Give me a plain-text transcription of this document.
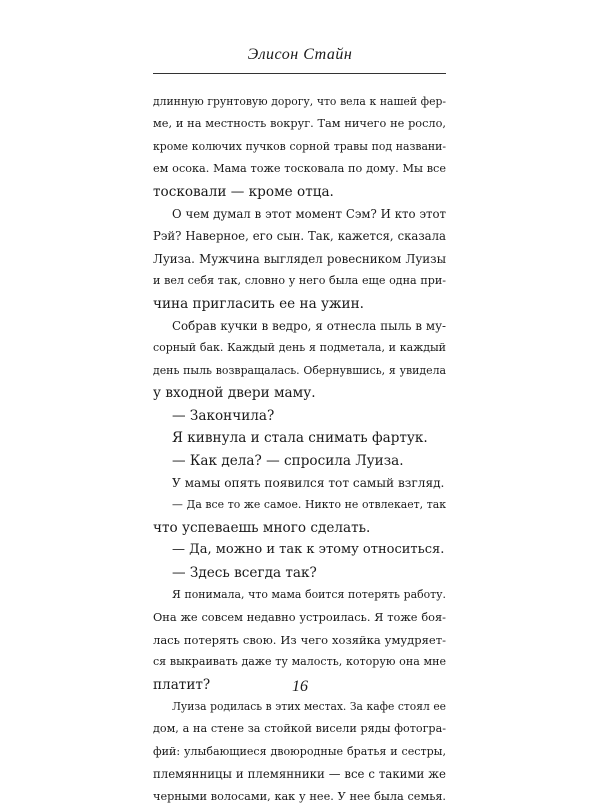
Элисон Стайн
длинную грунтовую дорогу, что вела к нашей фер-
ме, и на местность вокруг. Там ничего не росло,
кроме колючих пучков сорной травы под названи-
ем осока. Мама тоже тосковала по дому. Мы все
тосковали — кроме отца.
О чем думал в этот момент Сэм? И кто этот
Рэй? Наверное, его сын. Так, кажется, сказала
Луиза. Мужчина выглядел ровесником Луизы
и вел себя так, словно у него была еще одна при-
чина пригласить ее на ужин.
Собрав кучки в ведро, я отнесла пыль в му-
сорный бак. Каждый день я подметала, и каждый
день пыль возвращалась. Обернувшись, я увидела
у входной двери маму.
— Закончила?
Я кивнула и стала снимать фартук.
— Как дела? — спросила Луиза.
У мамы опять появился тот самый взгляд.
— Да все то же самое. Никто не отвлекает, так
что успеваешь много сделать.
— Да, можно и так к этому относиться.
— Здесь всегда так?
Я понимала, что мама боится потерять работу.
Она же совсем недавно устроилась. Я тоже боя-
лась потерять свою. Из чего хозяйка умудряет-
ся выкраивать даже ту малость, которую она мне
платит?
Луиза родилась в этих местах. За кафе стоял ее
дом, а на стене за стойкой висели ряды фотогра-
фий: улыбающиеся двоюродные братья и сестры,
племянницы и племянники — все с такими же
черными волосами, как у нее. У нее была семья.
16
